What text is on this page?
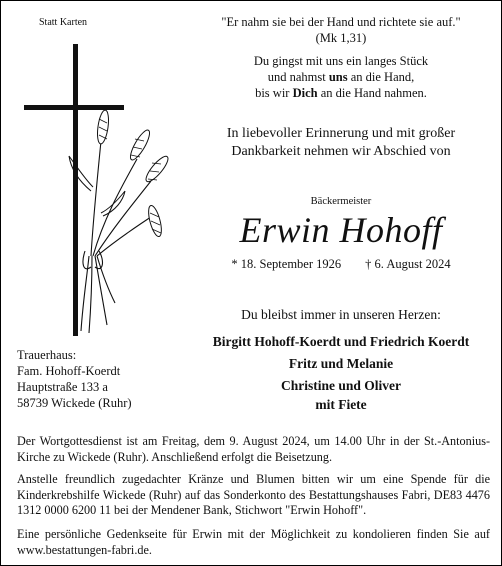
Statt Karten	"Er nahm sie bei der Hand und richtete sie auf."
(Mk 1,31)
Du gingst mit uns ein langes Stück
und nahmst uns an die Hand,
bis wir Dich an die Hand nahmen.
In liebevoller Erinnerung und mit großer
Dankbarkeit nehmen wir Abschied von
Bäckermeister
Erwin Hohoff
* 18. September 1926 † 6. August 2024
Du bleibst immer in unseren Herzen:
Birgitt Hohoff-Koerdt und Friedrich Koerdt
Fritz und Melanie
Christine und Oliver
mit Fiete
Trauerhaus:
Fam. Hohoff-Koerdt
Hauptstraße 133 a
58739 Wickede (Ruhr)
Der Wortgottesdienst ist am Freitag, dem 9. August 2024, um 14.00 Uhr in der St.-Antonius-Kirche zu Wickede (Ruhr). Anschließend erfolgt die Beisetzung.
Anstelle freundlich zugedachter Kränze und Blumen bitten wir um eine Spende für die Kinderkrebshilfe Wickede (Ruhr) auf das Sonderkonto des Bestattungshauses Fabri, DE83 4476 1312 0000 6200 11 bei der Mendener Bank, Stichwort "Erwin Hohoff".
Eine persönliche Gedenkseite für Erwin mit der Möglichkeit zu kondolieren finden Sie auf www.bestattungen-fabri.de.
